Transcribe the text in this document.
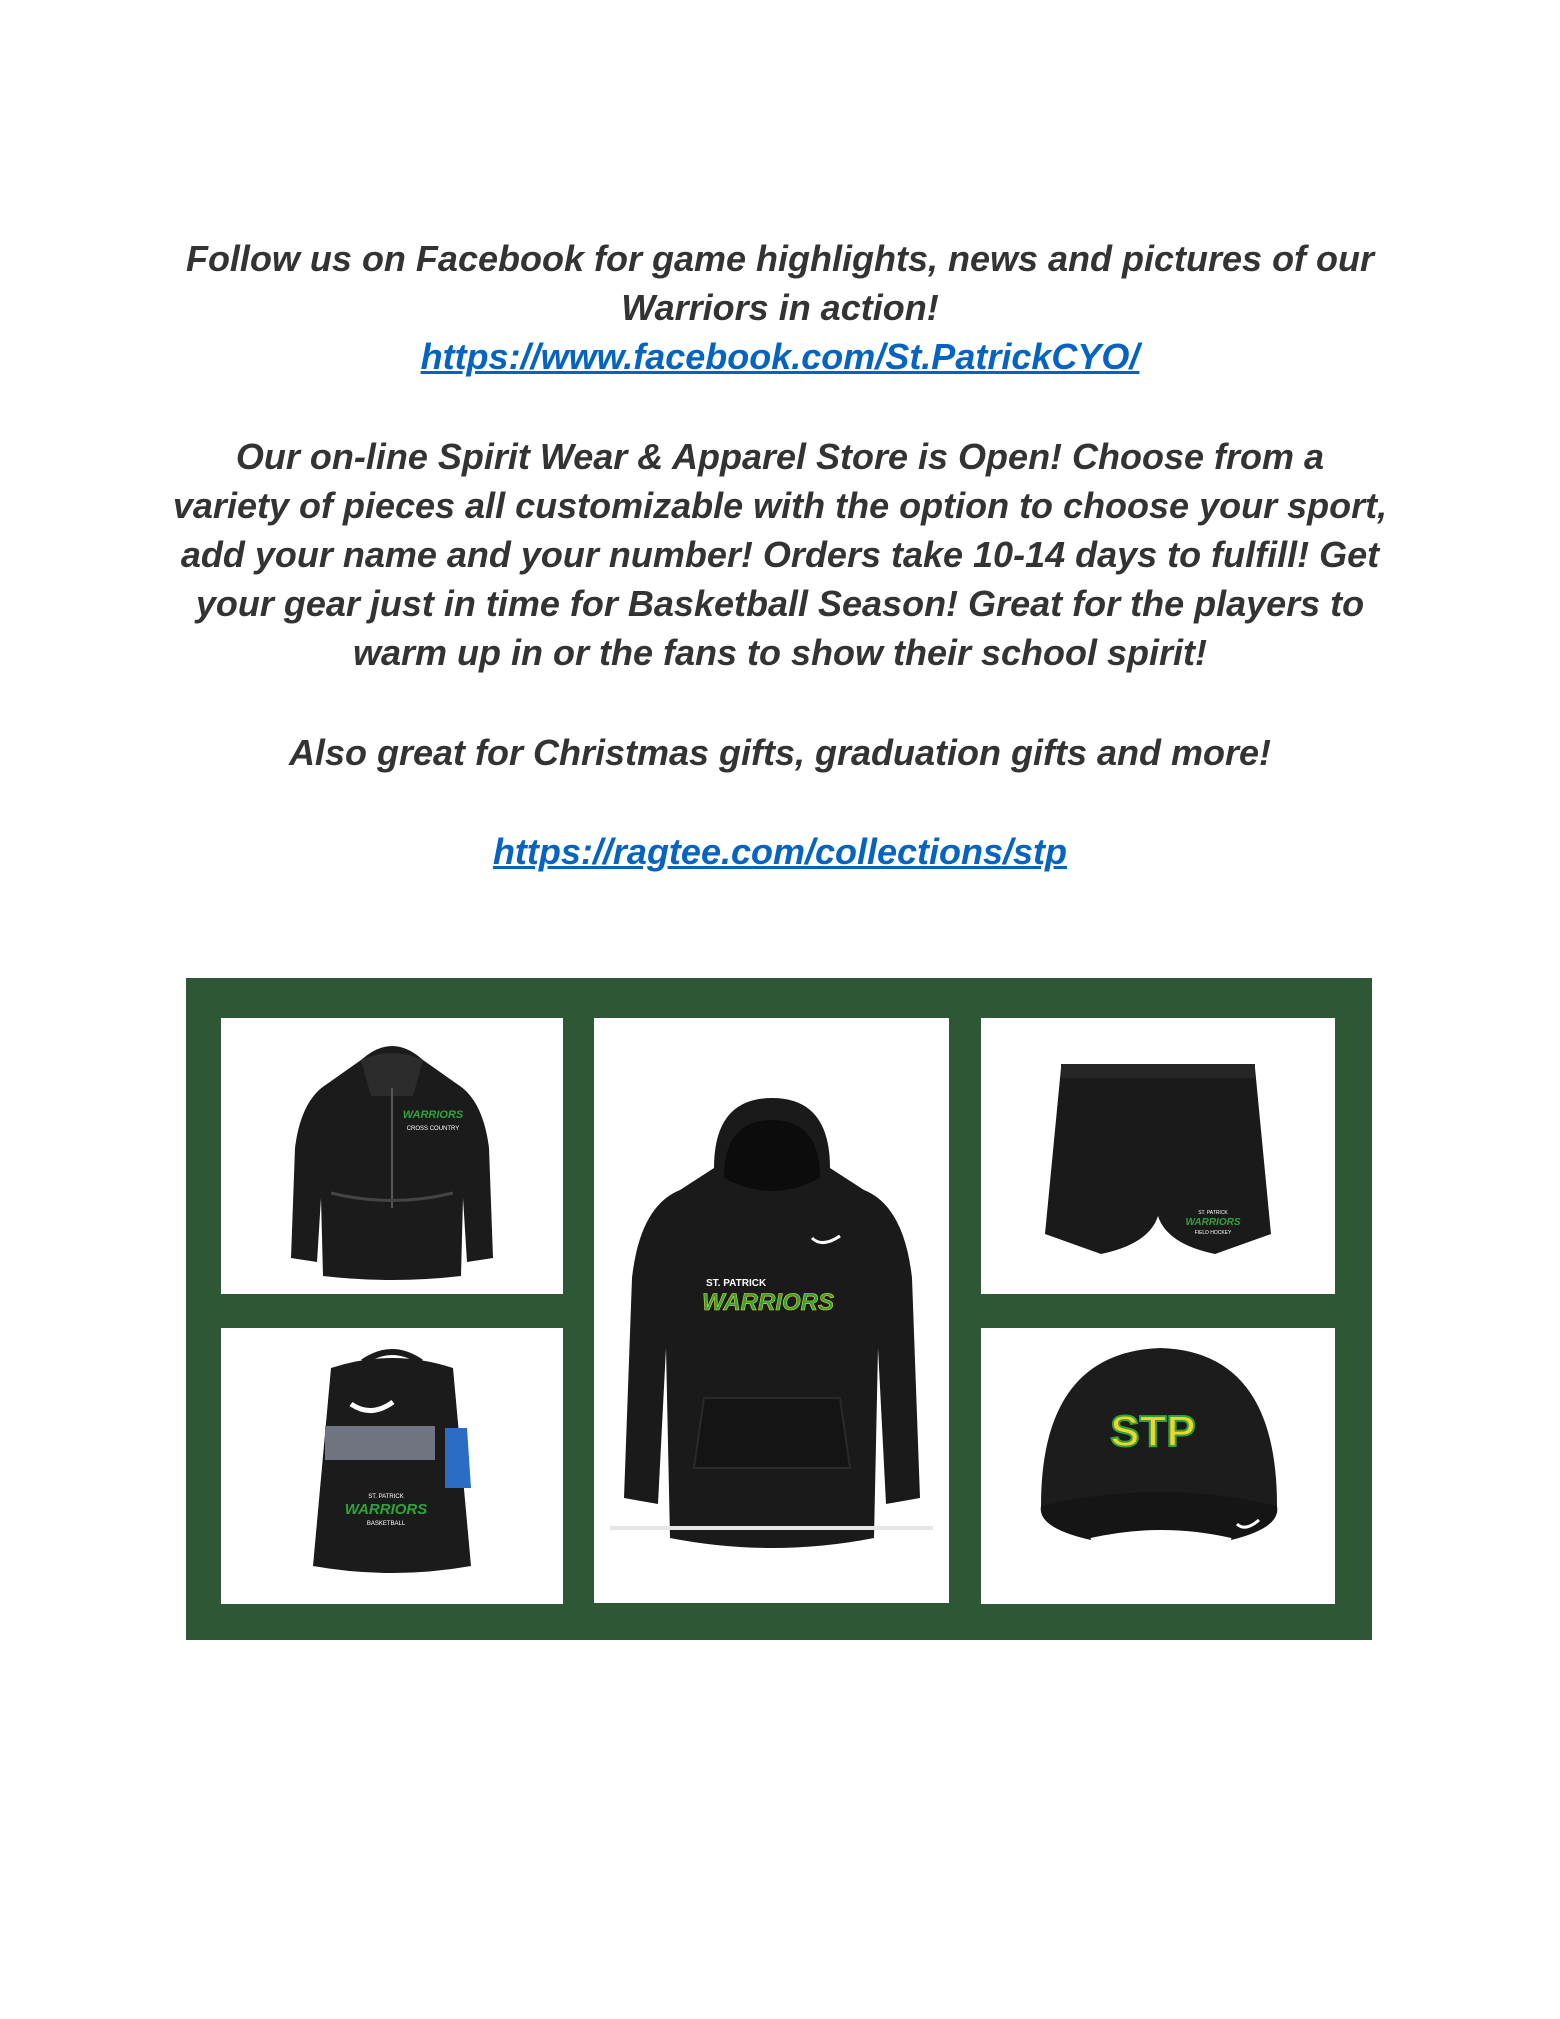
Follow us on Facebook for game highlights, news and pictures of our
Warriors in action!
https://www.facebook.com/St.PatrickCYO/
Our on-line Spirit Wear & Apparel Store is Open! Choose from a
variety of pieces all customizable with the option to choose your sport,
add your name and your number! Orders take 10-14 days to fulfill! Get
your gear just in time for Basketball Season! Great for the players to
warm up in or the fans to show their school spirit!
Also great for Christmas gifts, graduation gifts and more!
https://ragtee.com/collections/stp
WARRIORS
CROSS COUNTRY
ST. PATRICK
WARRIORS
ST. PATRICK
WARRIORS
FIELD HOCKEY
ST. PATRICK
WARRIORS
BASKETBALL
STP
